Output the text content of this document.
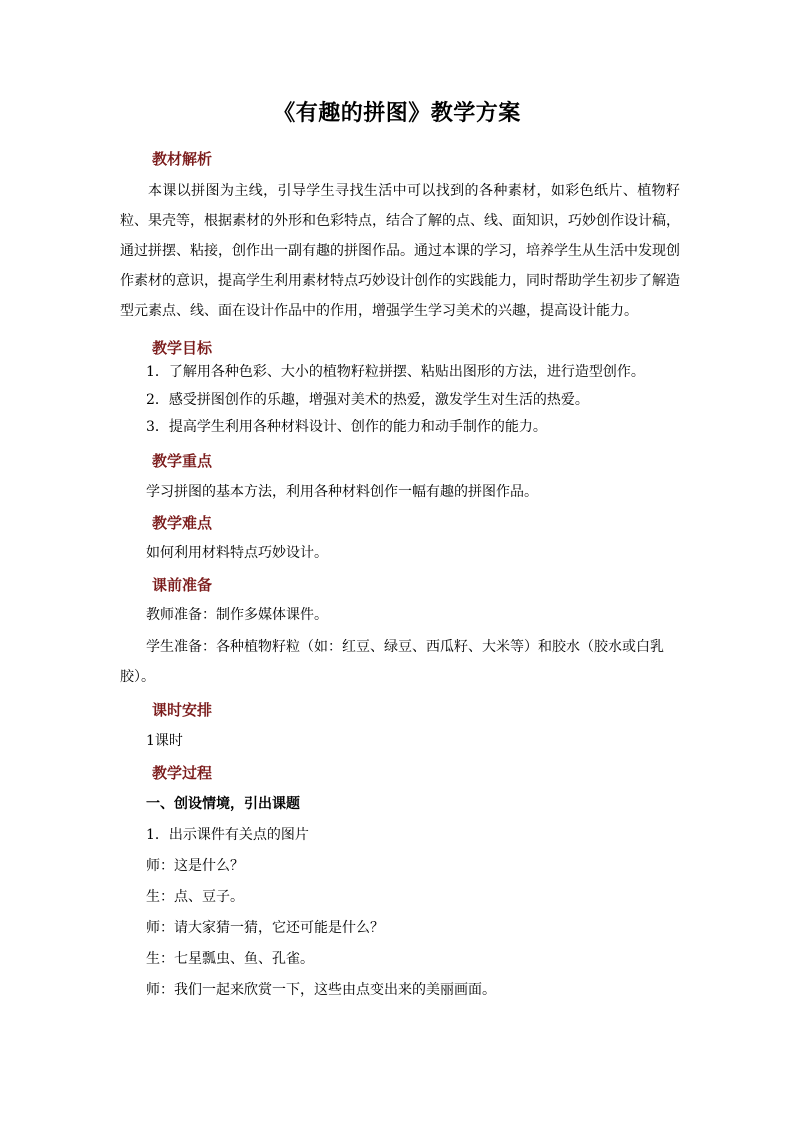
《有趣的拼图》教学方案
教材解析
本课以拼图为主线，引导学生寻找生活中可以找到的各种素材，如彩色纸片、植物籽粒、果壳等，根据素材的外形和色彩特点，结合了解的点、线、面知识，巧妙创作设计稿，通过拼摆、粘接，创作出一副有趣的拼图作品。通过本课的学习，培养学生从生活中发现创作素材的意识，提高学生利用素材特点巧妙设计创作的实践能力，同时帮助学生初步了解造型元素点、线、面在设计作品中的作用，增强学生学习美术的兴趣，提高设计能力。
教学目标
1．了解用各种色彩、大小的植物籽粒拼摆、粘贴出图形的方法，进行造型创作。
2．感受拼图创作的乐趣，增强对美术的热爱，激发学生对生活的热爱。
3．提高学生利用各种材料设计、创作的能力和动手制作的能力。
教学重点
学习拼图的基本方法，利用各种材料创作一幅有趣的拼图作品。
教学难点
如何利用材料特点巧妙设计。
课前准备
教师准备：制作多媒体课件。
学生准备：各种植物籽粒（如：红豆、绿豆、西瓜籽、大米等）和胶水（胶水或白乳胶）。
课时安排
1课时
教学过程
一、创设情境，引出课题
1．出示课件有关点的图片
师：这是什么？
生：点、豆子。
师：请大家猜一猜，它还可能是什么？
生：七星瓢虫、鱼、孔雀。
师：我们一起来欣赏一下，这些由点变出来的美丽画面。
